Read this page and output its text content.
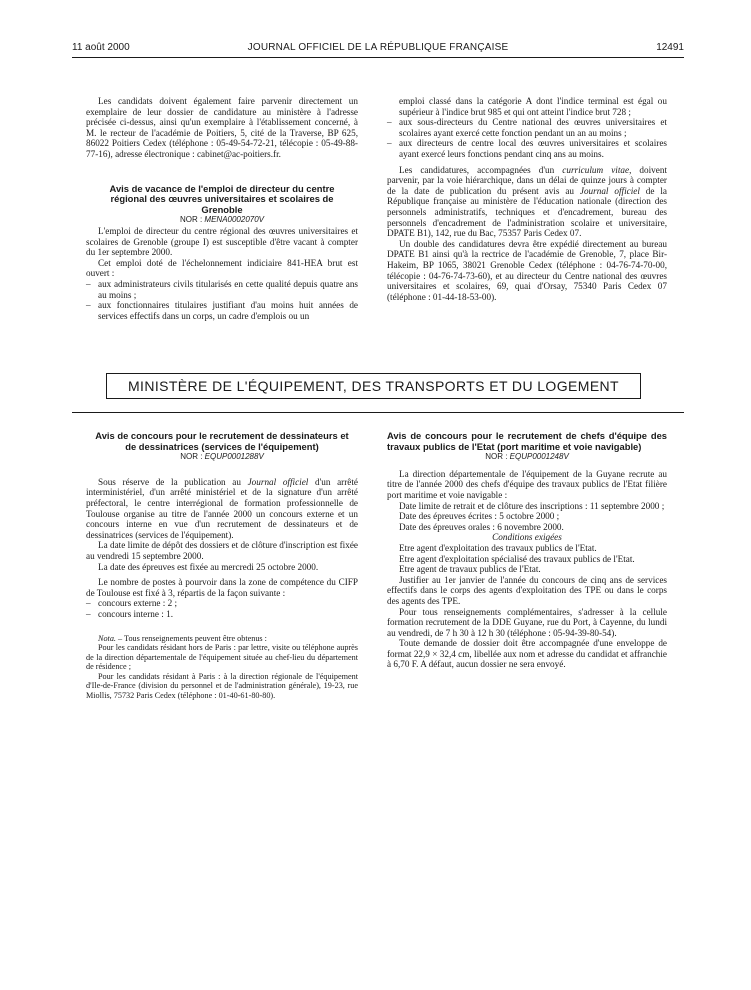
11 août 2000	JOURNAL OFFICIEL DE LA RÉPUBLIQUE FRANÇAISE	12491

Les candidats doivent également faire parvenir directement un exemplaire de leur dossier de candidature au ministère à l'adresse précisée ci-dessus, ainsi qu'un exemplaire à l'établissement concerné, à M. le recteur de l'académie de Poitiers, 5, cité de la Traverse, BP 625, 86022 Poitiers Cedex (téléphone : 05-49-54-72-21, télécopie : 05-49-88-77-16), adresse électronique : cabinet@ac-poitiers.fr.

Avis de vacance de l'emploi de directeur du centre régional des œuvres universitaires et scolaires de Grenoble

NOR : MENA0002070V

L'emploi de directeur du centre régional des œuvres universitaires et scolaires de Grenoble (groupe I) est susceptible d'être vacant à compter du 1er septembre 2000.

Cet emploi doté de l'échelonnement indiciaire 841-HEA brut est ouvert :

– aux administrateurs civils titularisés en cette qualité depuis quatre ans au moins ;
– aux fonctionnaires titulaires justifiant d'au moins huit années de services effectifs dans un corps, un cadre d'emplois ou un

emploi classé dans la catégorie A dont l'indice terminal est égal ou supérieur à l'indice brut 985 et qui ont atteint l'indice brut 728 ;

– aux sous-directeurs du Centre national des œuvres universitaires et scolaires ayant exercé cette fonction pendant un an au moins ;
– aux directeurs de centre local des œuvres universitaires et scolaires ayant exercé leurs fonctions pendant cinq ans au moins.

Les candidatures, accompagnées d'un curriculum vitae, doivent parvenir, par la voie hiérarchique, dans un délai de quinze jours à compter de la date de publication du présent avis au Journal officiel de la République française au ministère de l'éducation nationale (direction des personnels administratifs, techniques et d'encadrement, bureau des personnels d'encadrement de l'administration scolaire et universitaire, DPATE B1), 142, rue du Bac, 75357 Paris Cedex 07.

Un double des candidatures devra être expédié directement au bureau DPATE B1 ainsi qu'à la rectrice de l'académie de Grenoble, 7, place Bir-Hakeim, BP 1065, 38021 Grenoble Cedex (téléphone : 04-76-74-70-00, télécopie : 04-76-74-73-60), et au directeur du Centre national des œuvres universitaires et scolaires, 69, quai d'Orsay, 75340 Paris Cedex 07 (téléphone : 01-44-18-53-00).

MINISTÈRE DE L'ÉQUIPEMENT, DES TRANSPORTS ET DU LOGEMENT

Avis de concours pour le recrutement de dessinateurs et de dessinatrices (services de l'équipement)

NOR : EQUP0001288V

Sous réserve de la publication au Journal officiel d'un arrêté interministériel, d'un arrêté ministériel et de la signature d'un arrêté préfectoral, le centre interrégional de formation professionnelle de Toulouse organise au titre de l'année 2000 un concours externe et un concours interne en vue d'un recrutement de dessinateurs et de dessinatrices (services de l'équipement).

La date limite de dépôt des dossiers et de clôture d'inscription est fixée au vendredi 15 septembre 2000.

La date des épreuves est fixée au mercredi 25 octobre 2000.

Le nombre de postes à pourvoir dans la zone de compétence du CIFP de Toulouse est fixé à 3, répartis de la façon suivante :

– concours externe : 2 ;
– concours interne : 1.

Nota. – Tous renseignements peuvent être obtenus :

Pour les candidats résidant hors de Paris : par lettre, visite ou téléphone auprès de la direction départementale de l'équipement située au chef-lieu du département de résidence ;

Pour les candidats résidant à Paris : à la direction régionale de l'équipement d'Ile-de-France (division du personnel et de l'administration générale), 19-23, rue Miollis, 75732 Paris Cedex (téléphone : 01-40-61-80-80).

Avis de concours pour le recrutement de chefs d'équipe des travaux publics de l'Etat (port maritime et voie navigable)

NOR : EQUP0001248V

La direction départementale de l'équipement de la Guyane recrute au titre de l'année 2000 des chefs d'équipe des travaux publics de l'Etat filière port maritime et voie navigable :

Date limite de retrait et de clôture des inscriptions : 11 septembre 2000 ;

Date des épreuves écrites : 5 octobre 2000 ;

Date des épreuves orales : 6 novembre 2000.

Conditions exigées

Etre agent d'exploitation des travaux publics de l'Etat.

Etre agent d'exploitation spécialisé des travaux publics de l'Etat.

Etre agent de travaux publics de l'Etat.

Justifier au 1er janvier de l'année du concours de cinq ans de services effectifs dans le corps des agents d'exploitation des TPE ou dans le corps des agents des TPE.

Pour tous renseignements complémentaires, s'adresser à la cellule formation recrutement de la DDE Guyane, rue du Port, à Cayenne, du lundi au vendredi, de 7 h 30 à 12 h 30 (téléphone : 05-94-39-80-54).

Toute demande de dossier doit être accompagnée d'une enveloppe de format 22,9 × 32,4 cm, libellée aux nom et adresse du candidat et affranchie à 6,70 F. A défaut, aucun dossier ne sera envoyé.
